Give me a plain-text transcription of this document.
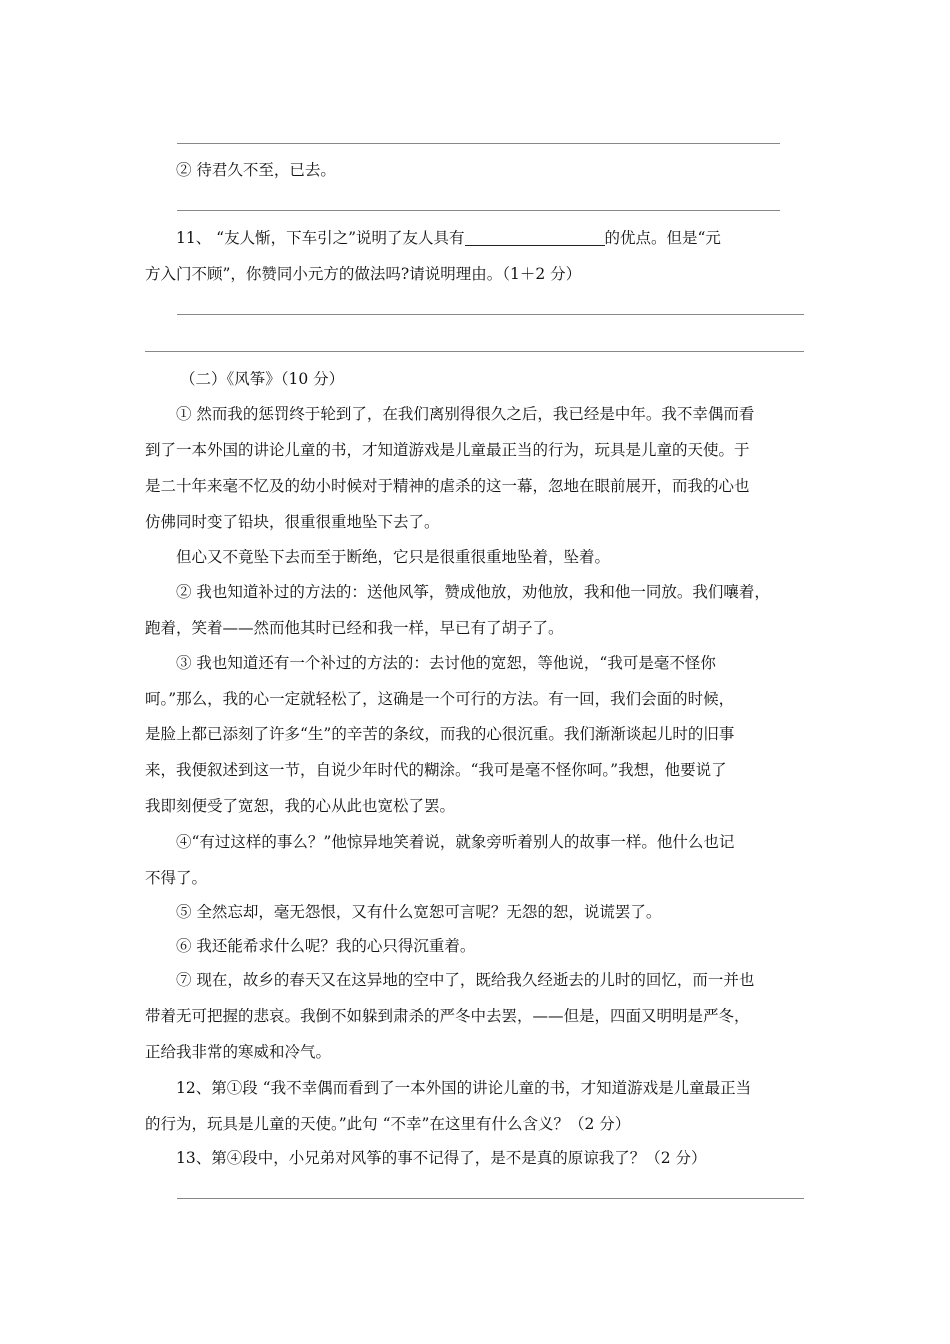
② 待君久不至，已去。
11、 “友人惭，下车引之”说明了友人具有	的优点。但是“元
方入门不顾”，你赞同小元方的做法吗?请说明理由。（1＋2 分）
（二）《风筝》（10 分）
① 然而我的惩罚终于轮到了，在我们离别得很久之后，我已经是中年。我不幸偶而看
到了一本外国的讲论儿童的书，才知道游戏是儿童最正当的行为，玩具是儿童的天使。于
是二十年来毫不忆及的幼小时候对于精神的虐杀的这一幕，忽地在眼前展开，而我的心也
仿佛同时变了铅块，很重很重地坠下去了。
但心又不竟坠下去而至于断绝，它只是很重很重地坠着，坠着。
② 我也知道补过的方法的：送他风筝，赞成他放，劝他放，我和他一同放。我们嚷着，
跑着，笑着——然而他其时已经和我一样，早已有了胡子了。
③ 我也知道还有一个补过的方法的：去讨他的宽恕，等他说，“我可是毫不怪你
呵。”那么，我的心一定就轻松了，这确是一个可行的方法。有一回，我们会面的时候，
是脸上都已添刻了许多“生”的辛苦的条纹，而我的心很沉重。我们渐渐谈起儿时的旧事
来，我便叙述到这一节，自说少年时代的糊涂。“我可是毫不怪你呵。”我想，他要说了
我即刻便受了宽恕，我的心从此也宽松了罢。
④“有过这样的事么？”他惊异地笑着说，就象旁听着别人的故事一样。他什么也记
不得了。
⑤ 全然忘却，毫无怨恨，又有什么宽恕可言呢？无怨的恕，说谎罢了。
⑥ 我还能希求什么呢？我的心只得沉重着。
⑦ 现在，故乡的春天又在这异地的空中了，既给我久经逝去的儿时的回忆，而一并也
带着无可把握的悲哀。我倒不如躲到肃杀的严冬中去罢，——但是，四面又明明是严冬，
正给我非常的寒威和冷气。
12、第①段 “我不幸偶而看到了一本外国的讲论儿童的书，才知道游戏是儿童最正当
的行为，玩具是儿童的天使。”此句 “不幸”在这里有什么含义？（2 分）
13、第④段中，小兄弟对风筝的事不记得了，是不是真的原谅我了？（2 分）
